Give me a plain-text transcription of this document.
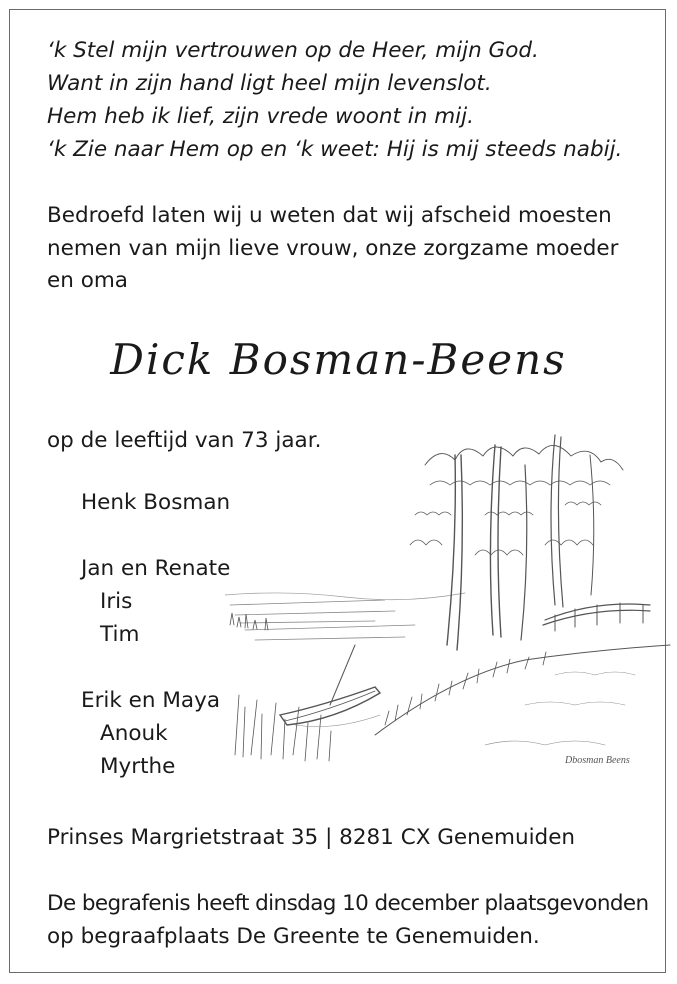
‘k Stel mijn vertrouwen op de Heer, mijn God.
Want in zijn hand ligt heel mijn levenslot.
Hem heb ik lief, zijn vrede woont in mij.
‘k Zie naar Hem op en ‘k weet: Hij is mij steeds nabij.
Bedroefd laten wij u weten dat wij afscheid moesten
nemen van mijn lieve vrouw, onze zorgzame moeder
en oma
Dick Bosman-Beens
op de leeftijd van 73 jaar.
Henk Bosman
Jan en Renate
Iris
Tim
Erik en Maya
Anouk
Myrthe	Dbosman Beens
Prinses Margrietstraat 35 | 8281 CX Genemuiden
De begrafenis heeft dinsdag 10 december plaatsgevonden
op begraafplaats De Greente te Genemuiden.
